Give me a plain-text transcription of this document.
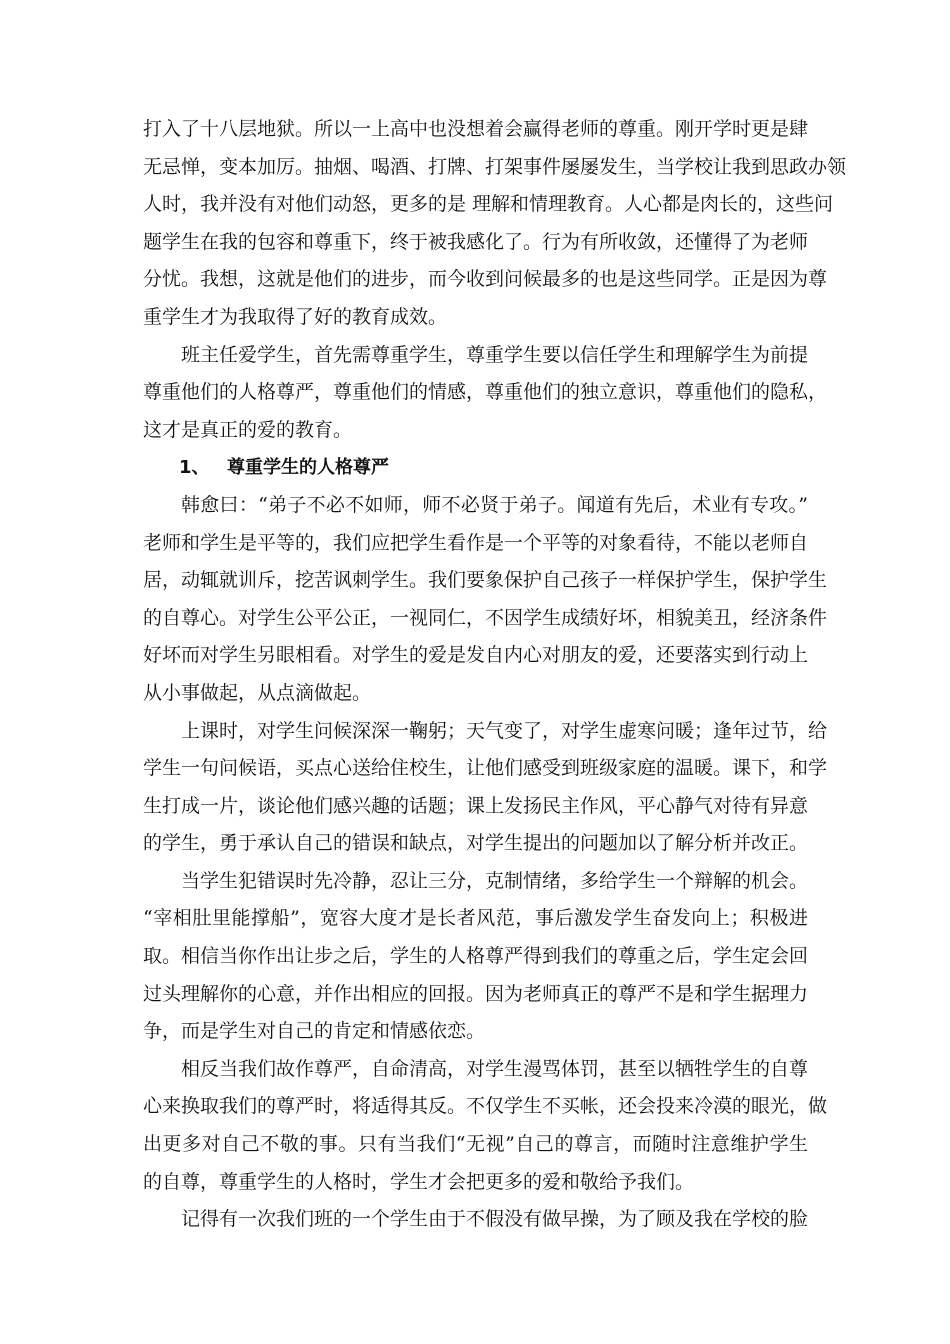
打入了十八层地狱。所以一上高中也没想着会赢得老师的尊重。刚开学时更是肆
无忌惮，变本加厉。抽烟、喝酒、打牌、打架事件屡屡发生，当学校让我到思政办领
人时，我并没有对他们动怒，更多的是 理解和情理教育。人心都是肉长的，这些问
题学生在我的包容和尊重下，终于被我感化了。行为有所收敛，还懂得了为老师
分忧。我想，这就是他们的进步，而今收到问候最多的也是这些同学。正是因为尊
重学生才为我取得了好的教育成效。
班主任爱学生，首先需尊重学生，尊重学生要以信任学生和理解学生为前提
尊重他们的人格尊严，尊重他们的情感，尊重他们的独立意识，尊重他们的隐私，
这才是真正的爱的教育。
1、 尊重学生的人格尊严
韩愈曰：“弟子不必不如师，师不必贤于弟子。闻道有先后，术业有专攻。”
老师和学生是平等的，我们应把学生看作是一个平等的对象看待，不能以老师自
居，动辄就训斥，挖苦讽刺学生。我们要象保护自己孩子一样保护学生，保护学生
的自尊心。对学生公平公正，一视同仁，不因学生成绩好坏，相貌美丑，经济条件
好坏而对学生另眼相看。对学生的爱是发自内心对朋友的爱，还要落实到行动上
从小事做起，从点滴做起。
上课时，对学生问候深深一鞠躬；天气变了，对学生虚寒问暖；逢年过节，给
学生一句问候语，买点心送给住校生，让他们感受到班级家庭的温暖。课下，和学
生打成一片，谈论他们感兴趣的话题；课上发扬民主作风，平心静气对待有异意
的学生，勇于承认自己的错误和缺点，对学生提出的问题加以了解分析并改正。
当学生犯错误时先冷静，忍让三分，克制情绪，多给学生一个辩解的机会。
“宰相肚里能撑船”，宽容大度才是长者风范，事后激发学生奋发向上；积极进
取。相信当你作出让步之后，学生的人格尊严得到我们的尊重之后，学生定会回
过头理解你的心意，并作出相应的回报。因为老师真正的尊严不是和学生据理力
争，而是学生对自己的肯定和情感依恋。
相反当我们故作尊严，自命清高，对学生漫骂体罚，甚至以牺牲学生的自尊
心来换取我们的尊严时，将适得其反。不仅学生不买帐，还会投来冷漠的眼光，做
出更多对自己不敬的事。只有当我们“无视”自己的尊言，而随时注意维护学生
的自尊，尊重学生的人格时，学生才会把更多的爱和敬给予我们。
记得有一次我们班的一个学生由于不假没有做早操，为了顾及我在学校的脸
